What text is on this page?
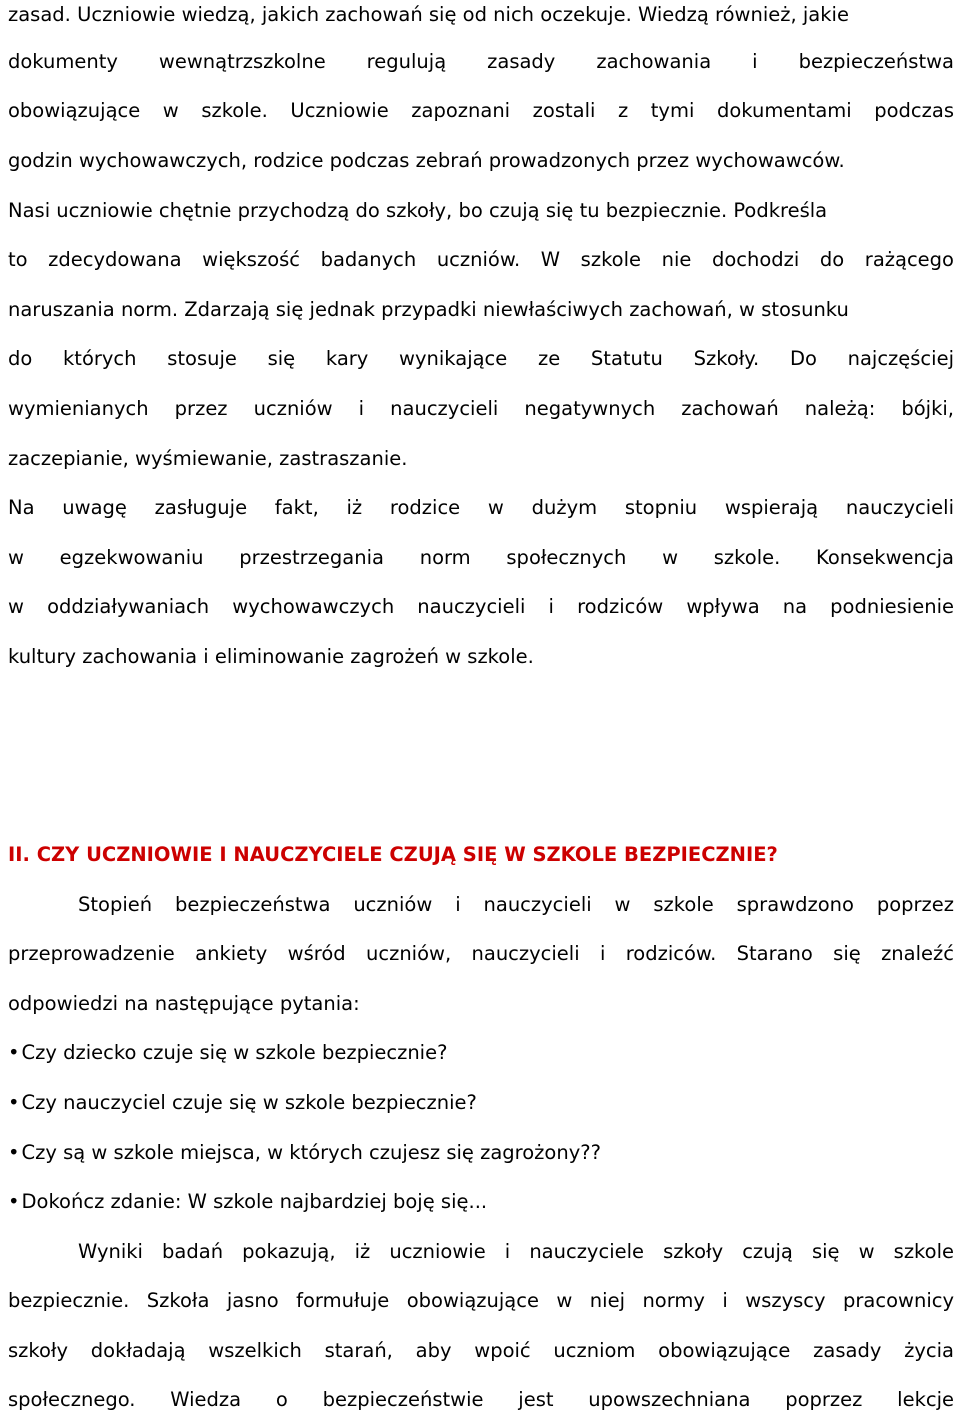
zasad. Uczniowie wiedzą, jakich zachowań się od nich oczekuje. Wiedzą również, jakie
dokumenty wewnątrzszkolne regulują zasady zachowania i bezpieczeństwa
obowiązujące w szkole. Uczniowie zapoznani zostali z tymi dokumentami podczas
godzin wychowawczych, rodzice podczas zebrań prowadzonych przez wychowawców.
Nasi uczniowie chętnie przychodzą do szkoły, bo czują się tu bezpiecznie. Podkreśla
to zdecydowana większość badanych uczniów. W szkole nie dochodzi do rażącego
naruszania norm. Zdarzają się jednak przypadki niewłaściwych zachowań, w stosunku
do których stosuje się kary wynikające ze Statutu Szkoły. Do najczęściej
wymienianych przez uczniów i nauczycieli negatywnych zachowań należą: bójki,
zaczepianie, wyśmiewanie, zastraszanie.
Na uwagę zasługuje fakt, iż rodzice w dużym stopniu wspierają nauczycieli
w egzekwowaniu przestrzegania norm społecznych w szkole. Konsekwencja
w oddziaływaniach wychowawczych nauczycieli i rodziców wpływa na podniesienie
kultury zachowania i eliminowanie zagrożeń w szkole.
II. CZY UCZNIOWIE I NAUCZYCIELE CZUJĄ SIĘ W SZKOLE BEZPIECZNIE?
Stopień bezpieczeństwa uczniów i nauczycieli w szkole sprawdzono poprzez
przeprowadzenie ankiety wśród uczniów, nauczycieli i rodziców. Starano się znaleźć
odpowiedzi na następujące pytania:
• Czy dziecko czuje się w szkole bezpiecznie?
• Czy nauczyciel czuje się w szkole bezpiecznie?
• Czy są w szkole miejsca, w których czujesz się zagrożony??
• Dokończ zdanie: W szkole najbardziej boję się...
Wyniki badań pokazują, iż uczniowie i nauczyciele szkoły czują się w szkole
bezpiecznie. Szkoła jasno formułuje obowiązujące w niej normy i wszyscy pracownicy
szkoły dokładają wszelkich starań, aby wpoić uczniom obowiązujące zasady życia
społecznego. Wiedza o bezpieczeństwie jest upowszechniana poprzez lekcje
